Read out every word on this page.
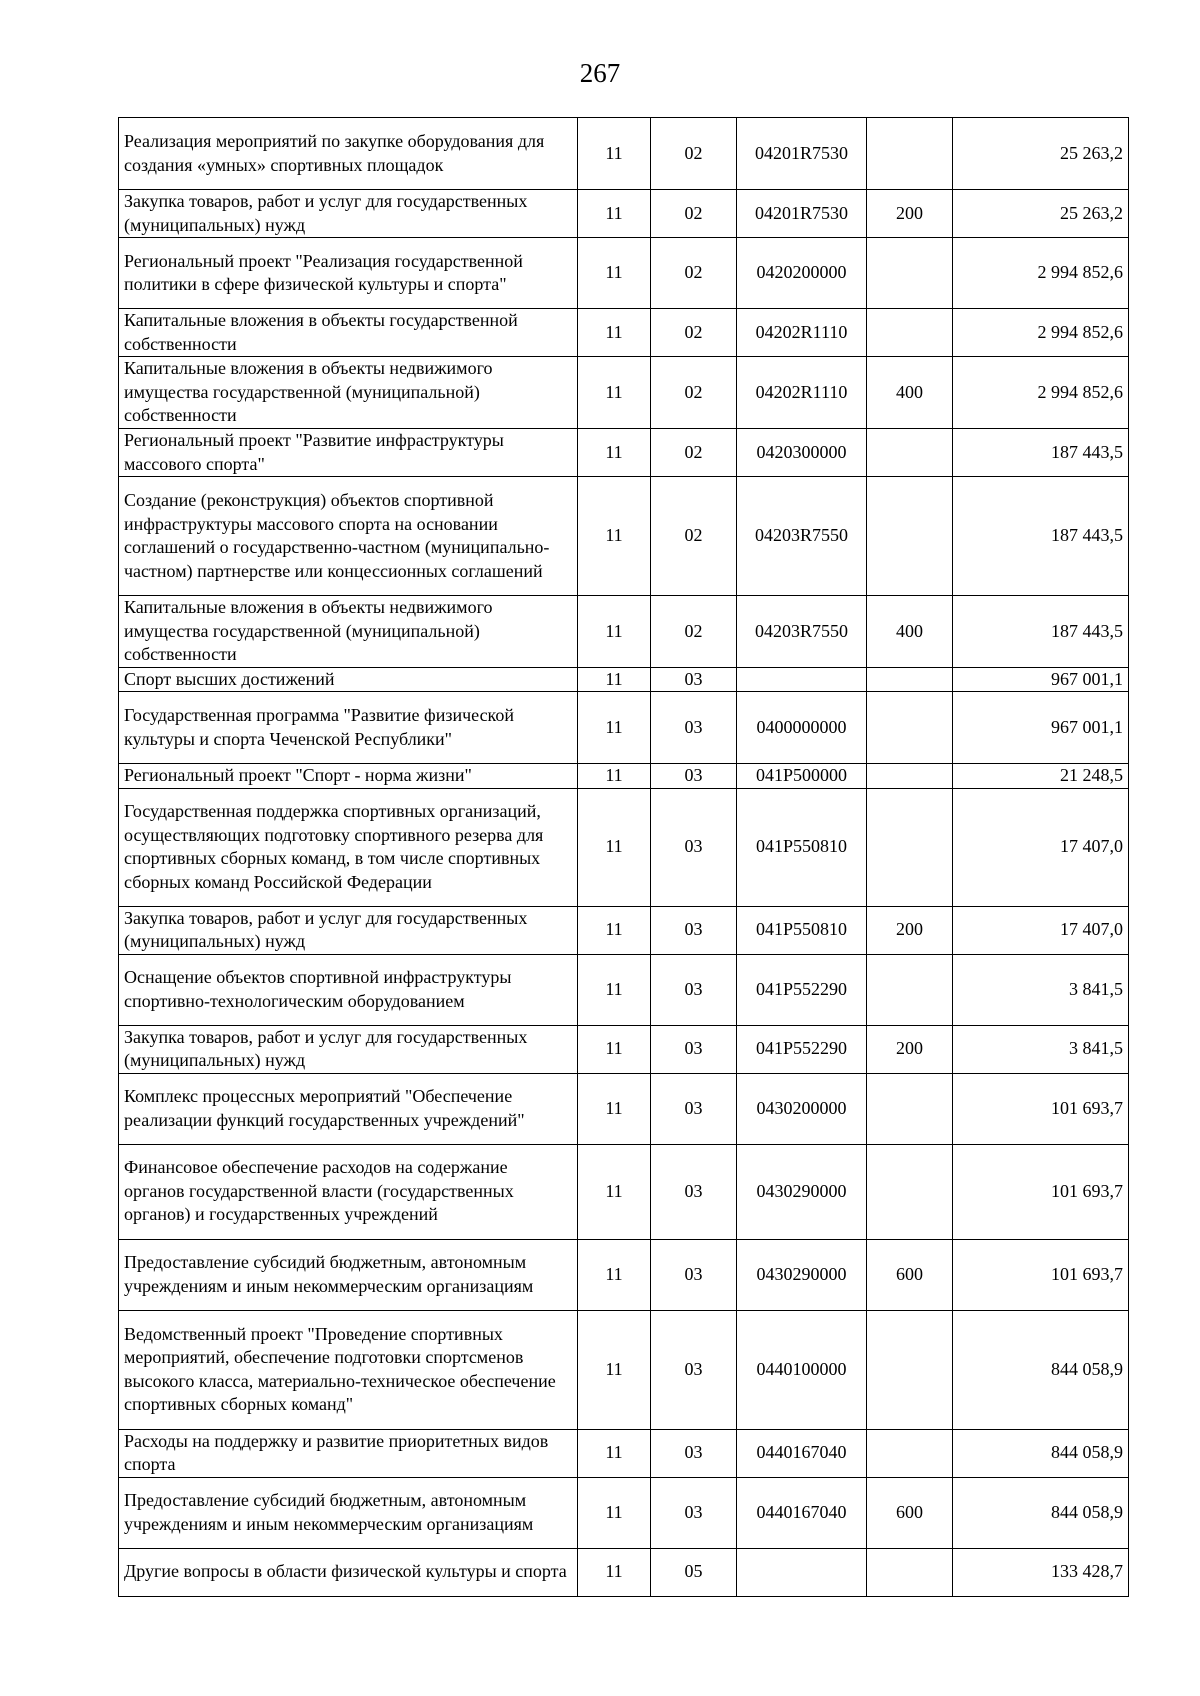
267
Реализация мероприятий по закупке оборудования для создания «умных» спортивных площадок	11	02	04201R7530		25 263,2
Закупка товаров, работ и услуг для государственных (муниципальных) нужд	11	02	04201R7530	200	25 263,2
Региональный проект "Реализация государственной политики в сфере физической культуры и спорта"	11	02	0420200000		2 994 852,6
Капитальные вложения в объекты государственной собственности	11	02	04202R1110		2 994 852,6
Капитальные вложения в объекты недвижимого имущества государственной (муниципальной) собственности	11	02	04202R1110	400	2 994 852,6
Региональный проект "Развитие инфраструктуры массового спорта"	11	02	0420300000		187 443,5
Создание (реконструкция) объектов спортивной инфраструктуры массового спорта на основании соглашений о государственно-частном (муниципально-частном) партнерстве или концессионных соглашений	11	02	04203R7550		187 443,5
Капитальные вложения в объекты недвижимого имущества государственной (муниципальной) собственности	11	02	04203R7550	400	187 443,5
Спорт высших достижений	11	03			967 001,1
Государственная программа "Развитие физической культуры и спорта Чеченской Республики"	11	03	0400000000		967 001,1
Региональный проект "Спорт - норма жизни"	11	03	041P500000		21 248,5
Государственная поддержка спортивных организаций, осуществляющих подготовку спортивного резерва для спортивных сборных команд, в том числе спортивных сборных команд Российской Федерации	11	03	041P550810		17 407,0
Закупка товаров, работ и услуг для государственных (муниципальных) нужд	11	03	041P550810	200	17 407,0
Оснащение объектов спортивной инфраструктуры спортивно-технологическим оборудованием	11	03	041P552290		3 841,5
Закупка товаров, работ и услуг для государственных (муниципальных) нужд	11	03	041P552290	200	3 841,5
Комплекс процессных мероприятий "Обеспечение реализации функций государственных учреждений"	11	03	0430200000		101 693,7
Финансовое обеспечение расходов на содержание органов государственной власти (государственных органов) и государственных учреждений	11	03	0430290000		101 693,7
Предоставление субсидий бюджетным, автономным учреждениям и иным некоммерческим организациям	11	03	0430290000	600	101 693,7
Ведомственный проект "Проведение спортивных мероприятий, обеспечение подготовки спортсменов высокого класса, материально-техническое обеспечение спортивных сборных команд"	11	03	0440100000		844 058,9
Расходы на поддержку и развитие приоритетных видов спорта	11	03	0440167040		844 058,9
Предоставление субсидий бюджетным, автономным учреждениям и иным некоммерческим организациям	11	03	0440167040	600	844 058,9
Другие вопросы в области физической культуры и спорта	11	05			133 428,7
